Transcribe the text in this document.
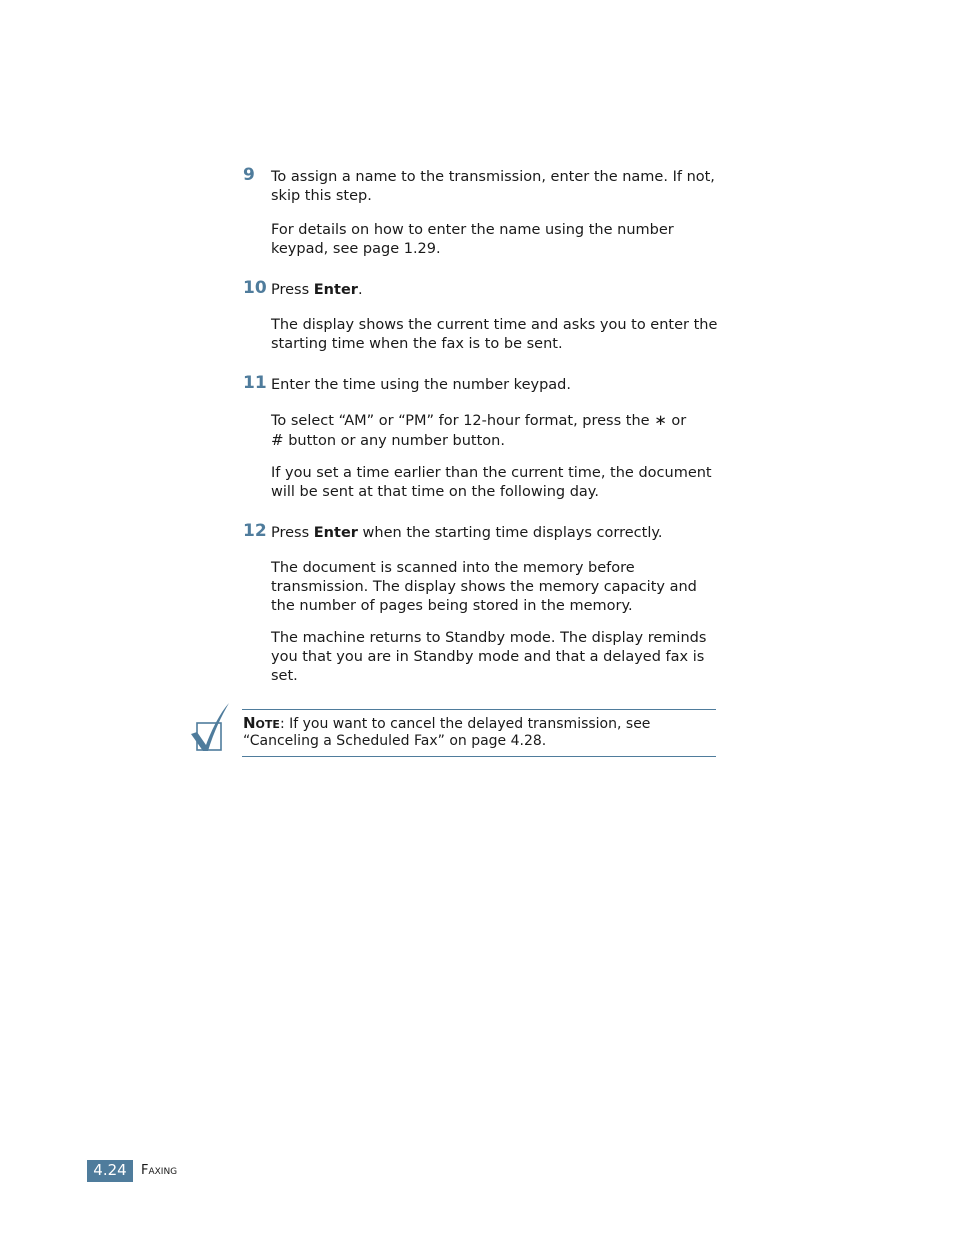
9 To assign a name to the transmission, enter the name. If not, skip this step.
For details on how to enter the name using the number keypad, see page 1.29.
10 Press Enter.
The display shows the current time and asks you to enter the starting time when the fax is to be sent.
11 Enter the time using the number keypad.
To select “AM” or “PM” for 12-hour format, press the ∗ or
# button or any number button.
If you set a time earlier than the current time, the document will be sent at that time on the following day.
12 Press Enter when the starting time displays correctly.
The document is scanned into the memory before transmission. The display shows the memory capacity and the number of pages being stored in the memory.
The machine returns to Standby mode. The display reminds you that you are in Standby mode and that a delayed fax is set.
Note: If you want to cancel the delayed transmission, see “Canceling a Scheduled Fax” on page 4.28.
4.24	Faxing
